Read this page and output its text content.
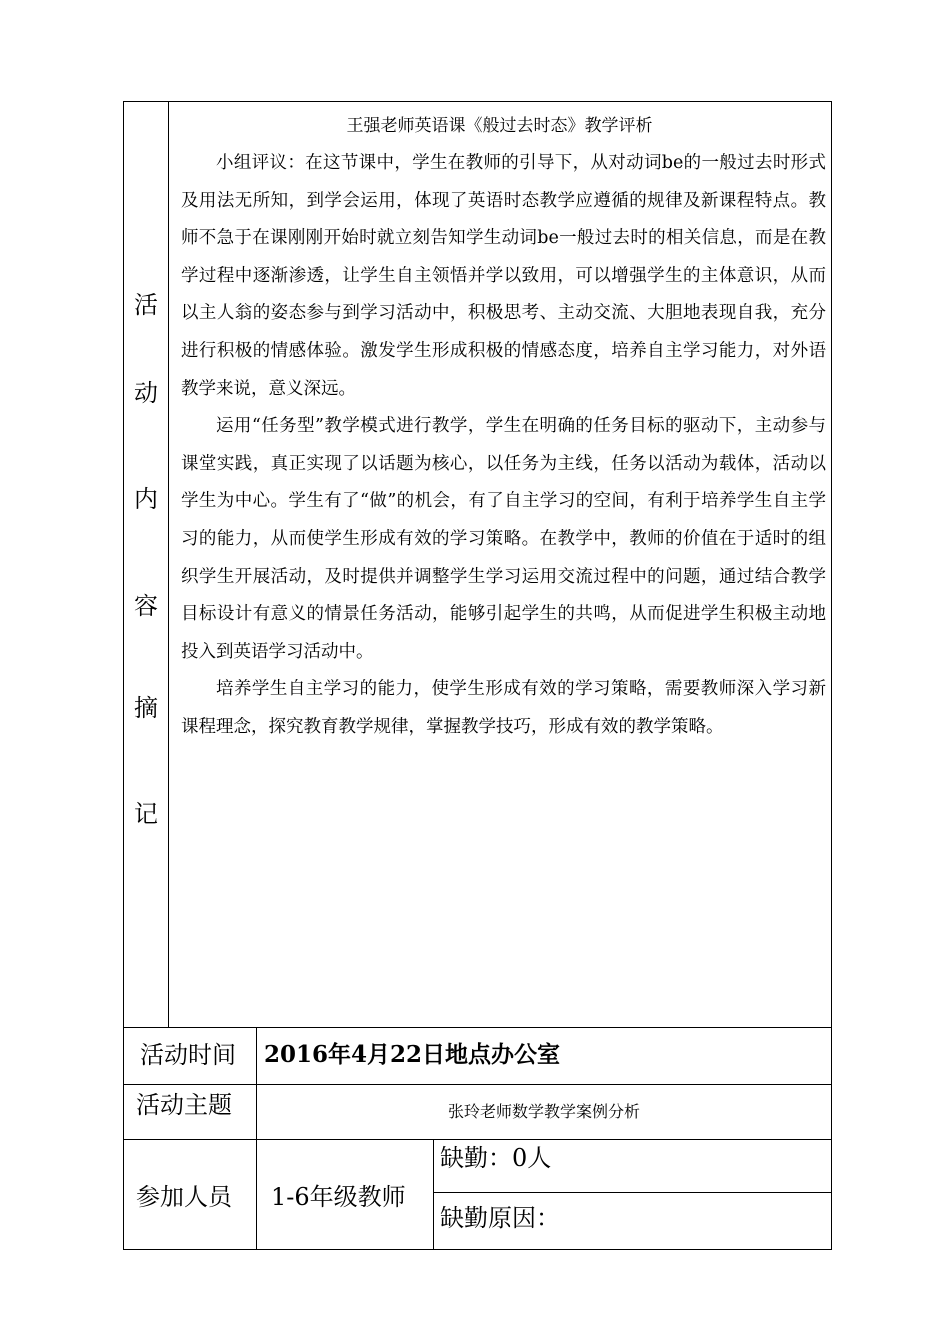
活
动
内
容
摘
记
王强老师英语课《般过去时态》教学评析

小组评议：在这节课中，学生在教师的引导下，从对动词be的一般过去时形式及用法无所知，到学会运用，体现了英语时态教学应遵循的规律及新课程特点。教师不急于在课刚刚开始时就立刻告知学生动词be一般过去时的相关信息，而是在教学过程中逐渐渗透，让学生自主领悟并学以致用，可以增强学生的主体意识，从而以主人翁的姿态参与到学习活动中，积极思考、主动交流、大胆地表现自我，充分进行积极的情感体验。激发学生形成积极的情感态度，培养自主学习能力，对外语教学来说，意义深远。

运用“任务型”教学模式进行教学，学生在明确的任务目标的驱动下，主动参与课堂实践，真正实现了以话题为核心，以任务为主线，任务以活动为载体，活动以学生为中心。学生有了“做”的机会，有了自主学习的空间，有利于培养学生自主学习的能力，从而使学生形成有效的学习策略。在教学中，教师的价值在于适时的组织学生开展活动，及时提供并调整学生学习运用交流过程中的问题，通过结合教学目标设计有意义的情景任务活动，能够引起学生的共鸣，从而促进学生积极主动地投入到英语学习活动中。

培养学生自主学习的能力，使学生形成有效的学习策略，需要教师深入学习新课程理念，探究教育教学规律，掌握教学技巧，形成有效的教学策略。

活动时间 2016年4月22日地点办公室
活动主题	张玲老师数学教学案例分析
参加人员 1-6年级教师
缺勤：0人
缺勤原因：
